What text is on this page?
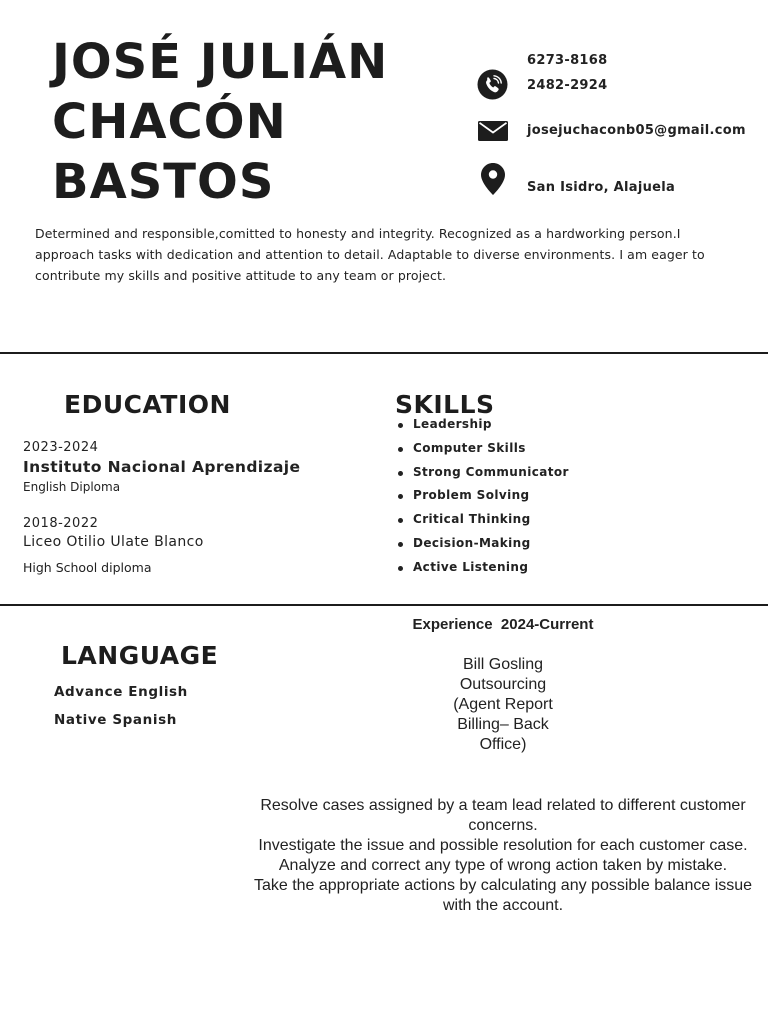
JOSÉ JULIÁN
CHACÓN
BASTOS
6273-8168
2482-2924
josejuchaconb05@gmail.com
San Isidro, Alajuela
Determined and responsible,comitted to honesty and integrity. Recognized as a hardworking person.I approach tasks with dedication and attention to detail. Adaptable to diverse environments. I am eager to contribute my skills and positive attitude to any team or project.
EDUCATION
2023-2024
Instituto Nacional Aprendizaje
English Diploma
2018-2022
Liceo Otilio Ulate Blanco
High School diploma
SKILLS
Leadership
Computer Skills
Strong Communicator
Problem Solving
Critical Thinking
Decision-Making
Active Listening
LANGUAGE
Advance English
Native Spanish
Experience  2024-Current
Bill Gosling Outsourcing (Agent Report Billing– Back Office)
Resolve cases assigned by a team lead related to different customer concerns.
Investigate the issue and possible resolution for each customer case.
Analyze and correct any type of wrong action taken by mistake.
Take the appropriate actions by calculating any possible balance issue with the account.
